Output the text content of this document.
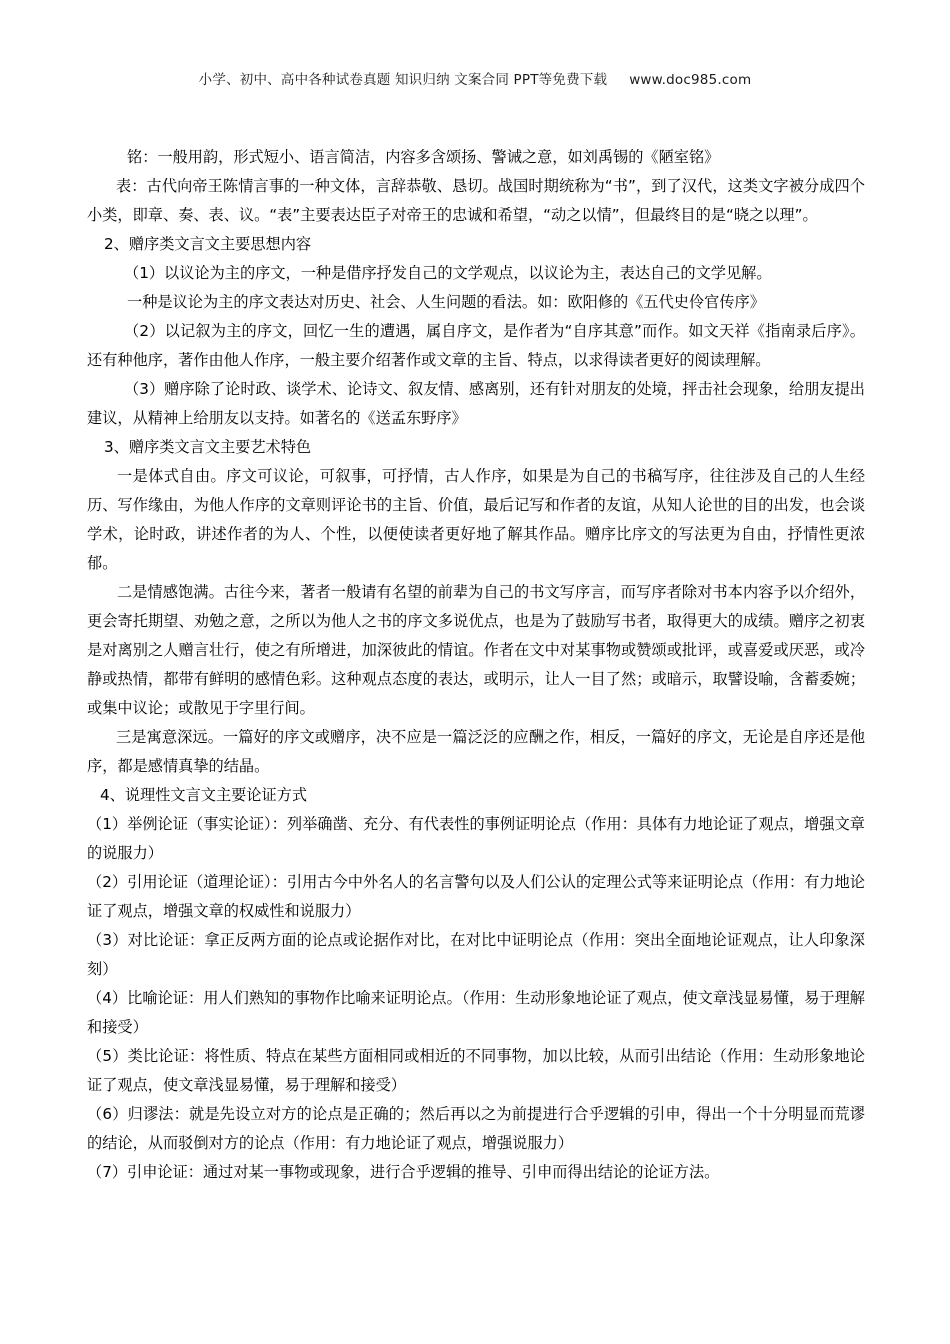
小学、初中、高中各种试卷真题 知识归纳 文案合同 PPT等免费下载 www.doc985.com

铭：一般用韵，形式短小、语言简洁，内容多含颂扬、警诫之意，如刘禹锡的《陋室铭》

表：古代向帝王陈情言事的一种文体，言辞恭敬、恳切。战国时期统称为“书”，到了汉代，这类文字被分成四个小类，即章、奏、表、议。“表”主要表达臣子对帝王的忠诚和希望，“动之以情”，但最终目的是“晓之以理”。

2、赠序类文言文主要思想内容

（1）以议论为主的序文，一种是借序抒发自己的文学观点，以议论为主，表达自己的文学见解。

一种是议论为主的序文表达对历史、社会、人生问题的看法。如：欧阳修的《五代史伶官传序》

（2）以记叙为主的序文，回忆一生的遭遇，属自序文，是作者为“自序其意”而作。如文天祥《指南录后序》。还有种他序，著作由他人作序，一般主要介绍著作或文章的主旨、特点，以求得读者更好的阅读理解。

（3）赠序除了论时政、谈学术、论诗文、叙友情、感离别，还有针对朋友的处境，抨击社会现象，给朋友提出建议，从精神上给朋友以支持。如著名的《送孟东野序》

3、赠序类文言文主要艺术特色

一是体式自由。序文可议论，可叙事，可抒情，古人作序，如果是为自己的书稿写序，往往涉及自己的人生经历、写作缘由，为他人作序的文章则评论书的主旨、价值，最后记写和作者的友谊，从知人论世的目的出发，也会谈学术，论时政，讲述作者的为人、个性，以便使读者更好地了解其作品。赠序比序文的写法更为自由，抒情性更浓郁。

二是情感饱满。古往今来，著者一般请有名望的前辈为自己的书文写序言，而写序者除对书本内容予以介绍外，更会寄托期望、劝勉之意，之所以为他人之书的序文多说优点，也是为了鼓励写书者，取得更大的成绩。赠序之初衷是对离别之人赠言壮行，使之有所增进，加深彼此的情谊。作者在文中对某事物或赞颂或批评，或喜爱或厌恶，或冷静或热情，都带有鲜明的感情色彩。这种观点态度的表达，或明示，让人一目了然；或暗示，取譬设喻，含蓄委婉；或集中议论；或散见于字里行间。

三是寓意深远。一篇好的序文或赠序，决不应是一篇泛泛的应酬之作，相反，一篇好的序文，无论是自序还是他序，都是感情真挚的结晶。

4、说理性文言文主要论证方式

（1）举例论证（事实论证）：列举确凿、充分、有代表性的事例证明论点（作用：具体有力地论证了观点，增强文章的说服力）

（2）引用论证（道理论证）：引用古今中外名人的名言警句以及人们公认的定理公式等来证明论点（作用：有力地论证了观点，增强文章的权威性和说服力）

（3）对比论证：拿正反两方面的论点或论据作对比，在对比中证明论点（作用：突出全面地论证观点，让人印象深刻）

（4）比喻论证：用人们熟知的事物作比喻来证明论点。（作用：生动形象地论证了观点，使文章浅显易懂，易于理解和接受）

（5）类比论证：将性质、特点在某些方面相同或相近的不同事物，加以比较，从而引出结论（作用：生动形象地论证了观点，使文章浅显易懂，易于理解和接受）

（6）归谬法：就是先设立对方的论点是正确的；然后再以之为前提进行合乎逻辑的引申，得出一个十分明显而荒谬的结论，从而驳倒对方的论点（作用：有力地论证了观点，增强说服力）

（7）引申论证：通过对某一事物或现象，进行合乎逻辑的推导、引申而得出结论的论证方法。
